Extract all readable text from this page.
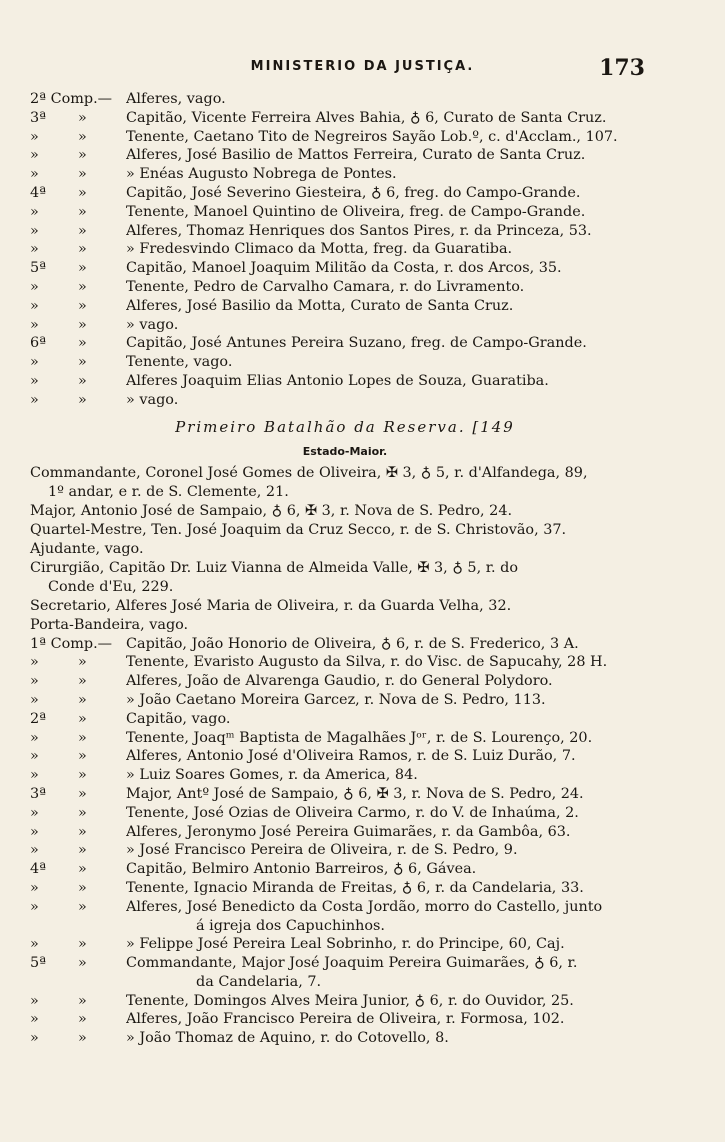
MINISTERIO DA JUSTIÇA.	173
2ª Comp.— Alferes, vago.
3ª	»	Capitão, Vicente Ferreira Alves Bahia, ♁ 6, Curato de Santa Cruz.
»	»	Tenente, Caetano Tito de Negreiros Sayão Lob.º, c. d'Acclam., 107.
»	»	Alferes, José Basilio de Mattos Ferreira, Curato de Santa Cruz.
»	»	» Enéas Augusto Nobrega de Pontes.
4ª	»	Capitão, José Severino Giesteira, ♁ 6, freg. do Campo-Grande.
»	»	Tenente, Manoel Quintino de Oliveira, freg. de Campo-Grande.
»	»	Alferes, Thomaz Henriques dos Santos Pires, r. da Princeza, 53.
»	»	» Fredesvindo Climaco da Motta, freg. da Guaratiba.
5ª	»	Capitão, Manoel Joaquim Militão da Costa, r. dos Arcos, 35.
»	»	Tenente, Pedro de Carvalho Camara, r. do Livramento.
»	»	Alferes, José Basilio da Motta, Curato de Santa Cruz.
»	»	» vago.
6ª	»	Capitão, José Antunes Pereira Suzano, freg. de Campo-Grande.
»	»	Tenente, vago.
»	»	Alferes Joaquim Elias Antonio Lopes de Souza, Guaratiba.
»	»	» vago.
Primeiro Batalhão da Reserva. [149
Estado-Maior.
Commandante, Coronel José Gomes de Oliveira, ✠ 3, ♁ 5, r. d'Alfandega, 89,
1º andar, e r. de S. Clemente, 21.
Major, Antonio José de Sampaio, ♁ 6, ✠ 3, r. Nova de S. Pedro, 24.
Quartel-Mestre, Ten. José Joaquim da Cruz Secco, r. de S. Christovão, 37.
Ajudante, vago.
Cirurgião, Capitão Dr. Luiz Vianna de Almeida Valle, ✠ 3, ♁ 5, r. do
Conde d'Eu, 229.
Secretario, Alferes José Maria de Oliveira, r. da Guarda Velha, 32.
Porta-Bandeira, vago.
1ª Comp.— Capitão, João Honorio de Oliveira, ♁ 6, r. de S. Frederico, 3 A.
»	»	Tenente, Evaristo Augusto da Silva, r. do Visc. de Sapucahy, 28 H.
»	»	Alferes, João de Alvarenga Gaudio, r. do General Polydoro.
»	»	» João Caetano Moreira Garcez, r. Nova de S. Pedro, 113.
2ª	»	Capitão, vago.
»	»	Tenente, Joaqᵐ Baptista de Magalhães Jᵒʳ, r. de S. Lourenço, 20.
»	»	Alferes, Antonio José d'Oliveira Ramos, r. de S. Luiz Durão, 7.
»	»	» Luiz Soares Gomes, r. da America, 84.
3ª	»	Major, Antº José de Sampaio, ♁ 6, ✠ 3, r. Nova de S. Pedro, 24.
»	»	Tenente, José Ozias de Oliveira Carmo, r. do V. de Inhaúma, 2.
»	»	Alferes, Jeronymo José Pereira Guimarães, r. da Gambôa, 63.
»	»	» José Francisco Pereira de Oliveira, r. de S. Pedro, 9.
4ª	»	Capitão, Belmiro Antonio Barreiros, ♁ 6, Gávea.
»	»	Tenente, Ignacio Miranda de Freitas, ♁ 6, r. da Candelaria, 33.
»	»	Alferes, José Benedicto da Costa Jordão, morro do Castello, junto
á igreja dos Capuchinhos.
»	»	» Felippe José Pereira Leal Sobrinho, r. do Principe, 60, Caj.
5ª	»	Commandante, Major José Joaquim Pereira Guimarães, ♁ 6, r.
da Candelaria, 7.
»	»	Tenente, Domingos Alves Meira Junior, ♁ 6, r. do Ouvidor, 25.
»	»	Alferes, João Francisco Pereira de Oliveira, r. Formosa, 102.
»	»	» João Thomaz de Aquino, r. do Cotovello, 8.
